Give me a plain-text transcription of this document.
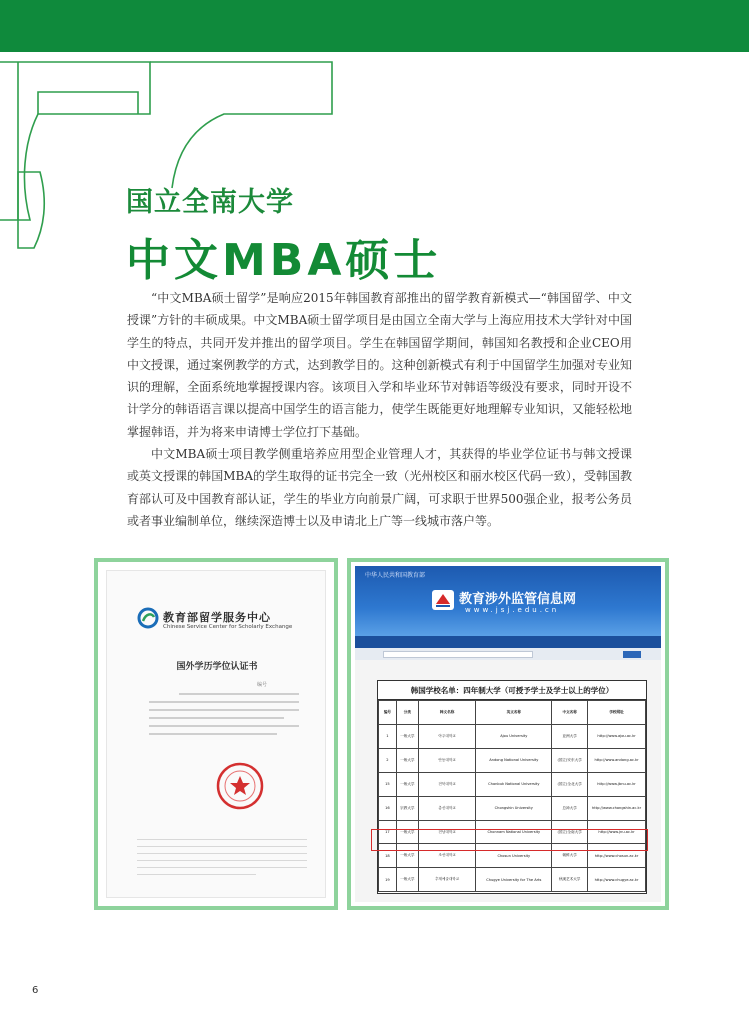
国立全南大学
中文MBA硕士

“中文MBA硕士留学”是响应2015年韩国教育部推出的留学教育新模式—“韩国留学、中文授课”方针的丰硕成果。中文MBA硕士留学项目是由国立全南大学与上海应用技术大学针对中国学生的特点，共同开发并推出的留学项目。学生在韩国留学期间，韩国知名教授和企业CEO用中文授课，通过案例教学的方式，达到教学目的。这种创新模式有利于中国留学生加强对专业知识的理解，全面系统地掌握授课内容。该项目入学和毕业环节对韩语等级没有要求，同时开设不计学分的韩语语言课以提高中国学生的语言能力，使学生既能更好地理解专业知识，又能轻松地掌握韩语，并为将来申请博士学位打下基础。

中文MBA硕士项目教学侧重培养应用型企业管理人才，其获得的毕业学位证书与韩文授课或英文授课的韩国MBA的学生取得的证书完全一致（光州校区和丽水校区代码一致），受韩国教育部认可及中国教育部认证，学生的毕业方向前景广阔，可求职于世界500强企业，报考公务员或者事业编制单位，继续深造博士以及申请北上广等一线城市落户等。

教育部留学服务中心
Chinese Service Center for Scholarly Exchange
国外学历学位认证书
编号
中华人民共和国教育部
教育涉外监管信息网
www.jsj.edu.cn
韩国学校名单：四年制大学（可授予学士及学士以上的学位）
编号	分类	韩文名称	英文名称	中文名称	学校网址
1	一般大学	아주대학교	Ajou University	亚洲大学	http://www.ajou.ac.kr
2	一般大学	안동대학교	Andong National University	(国立)安东大学	http://www.andong.ac.kr
15	一般大学	전북대학교	Chonbuk National University	(国立)全北大学	http://www.jbnu.ac.kr
16	宗教大学	총신대학교	Chongshin University	总神大学	http://www.chongshin.ac.kr
17	一般大学	전남대학교	Chonnam National University	(国立)全南大学	http://www.jnu.ac.kr
18	一般大学	조선대학교	Chosun University	朝鲜大学	http://www.chosun.ac.kr
19	一般大学	추계예술대학교	Chugye University for The Arts	秋溪艺术大学	http://www.chugye.ac.kr
6
